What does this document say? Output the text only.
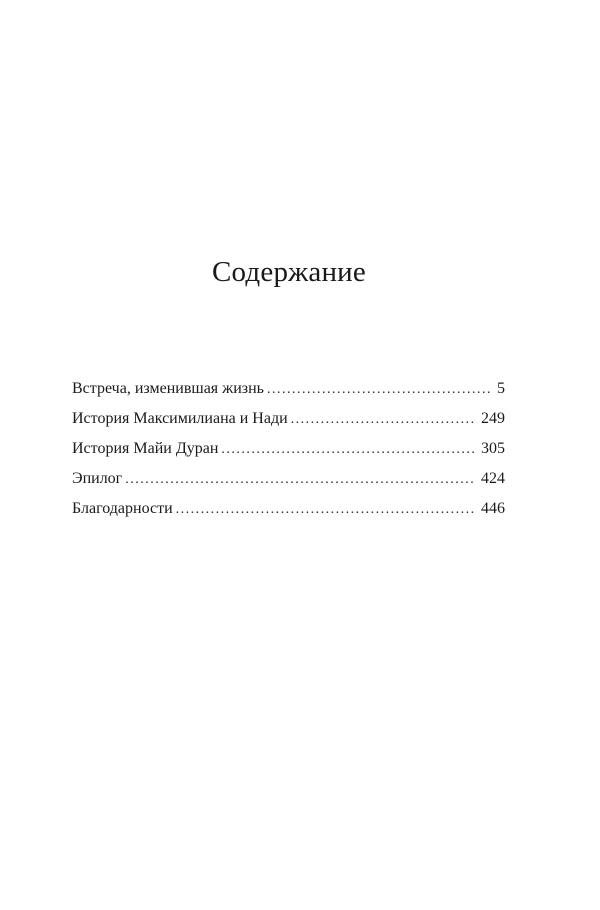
Содержание
Встреча, изменившая жизнь . . .	5
История Максимилиана и Нади . . .	249
История Майи Дуран . . .	305
Эпилог . . .	424
Благодарности . . .	446
